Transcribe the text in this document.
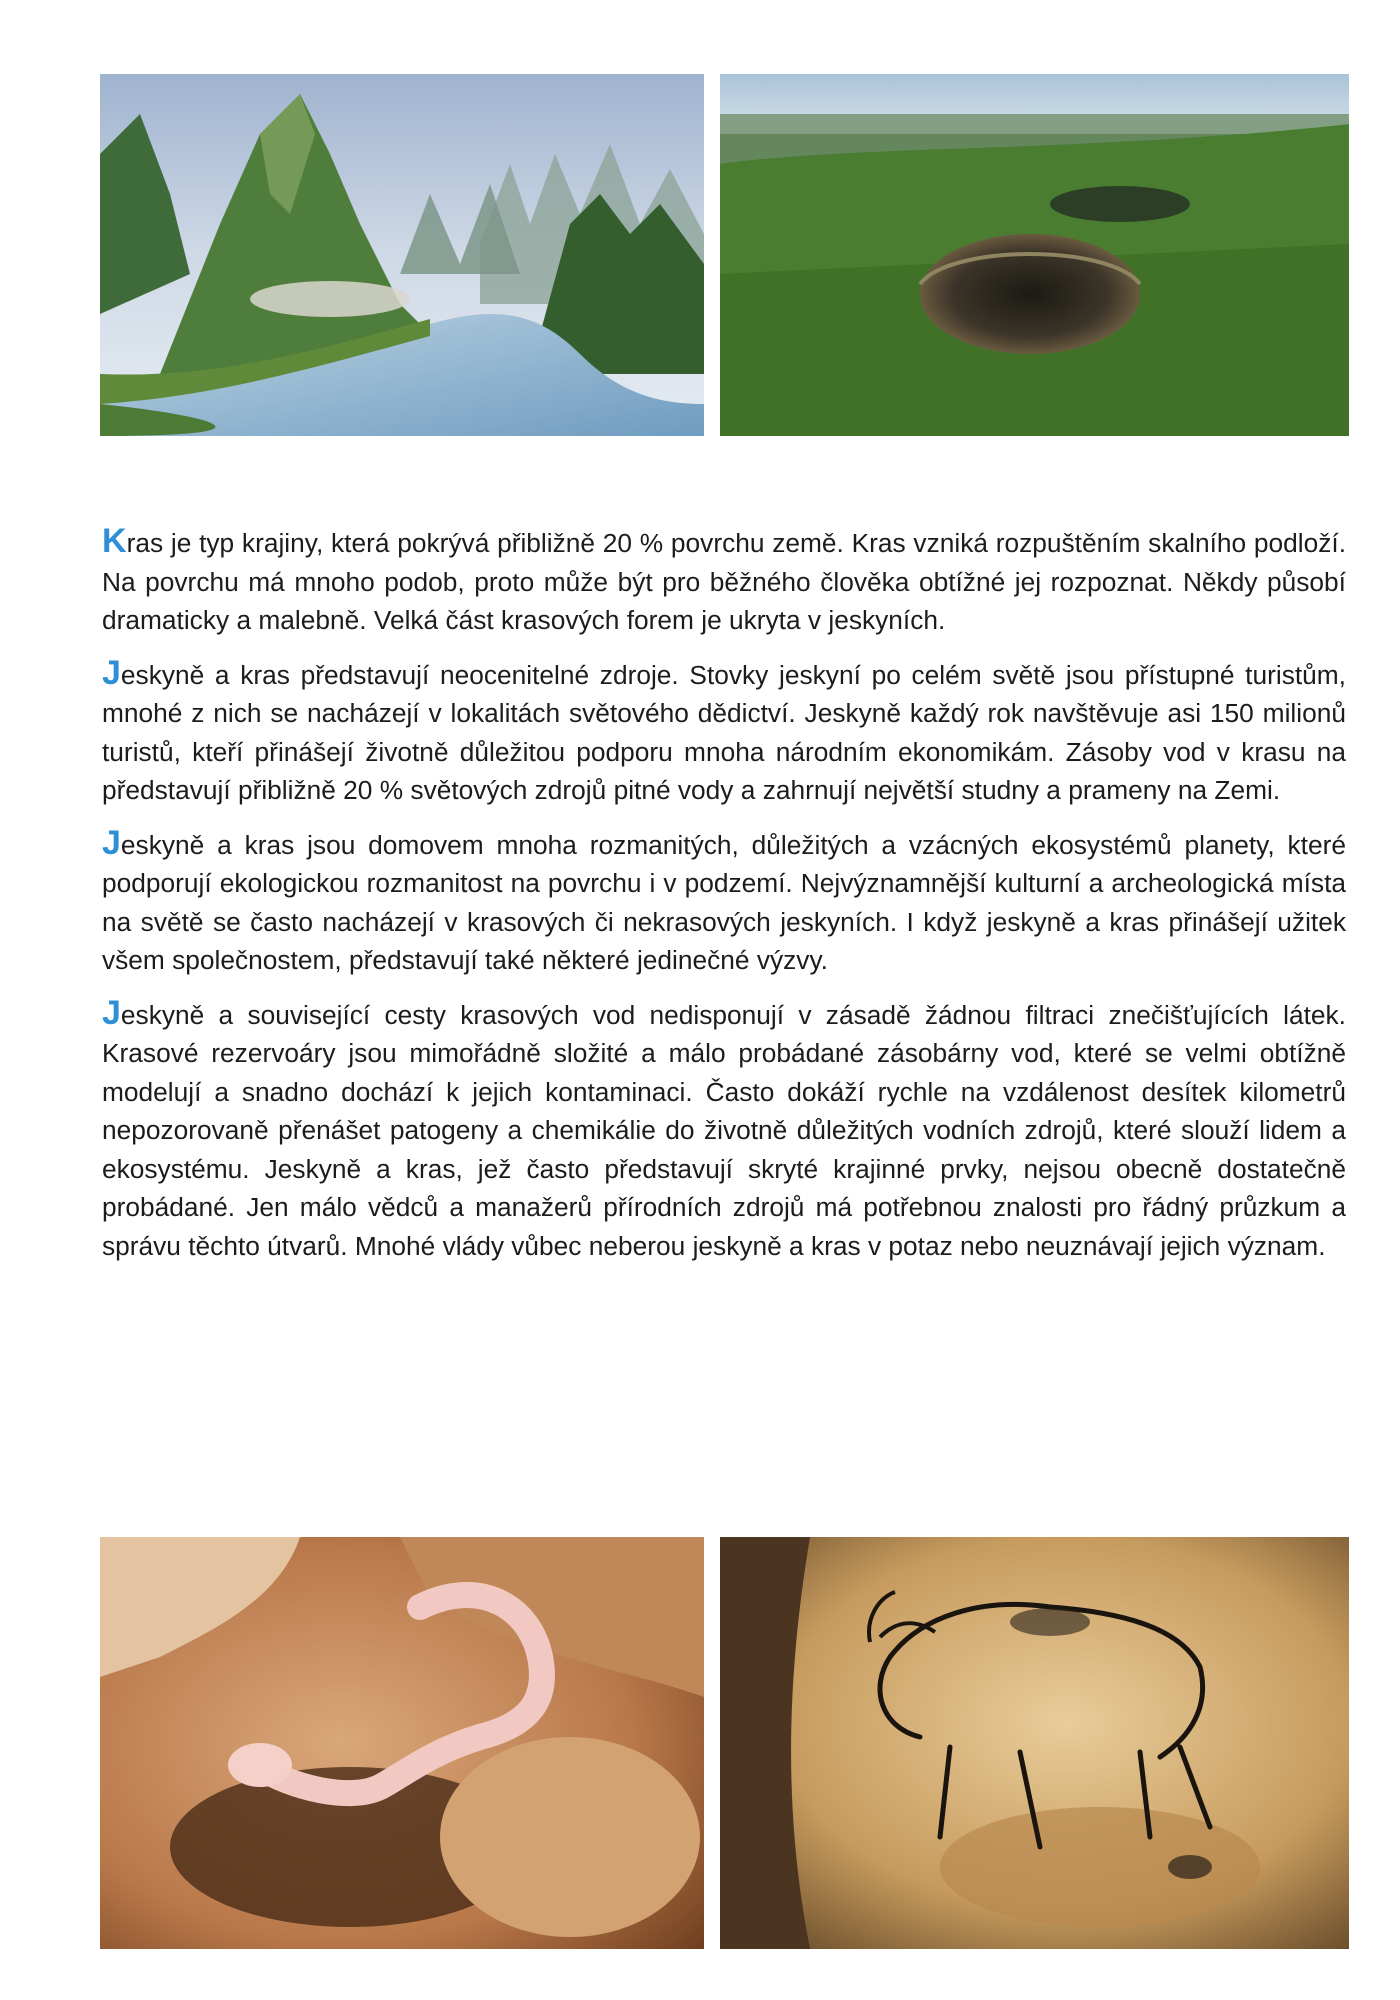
Kras je typ krajiny, která pokrývá přibližně 20 % povrchu země. Kras vzniká rozpuštěním skalního podloží. Na povrchu má mnoho podob, proto může být pro běžného člověka obtížné jej rozpoznat. Někdy působí dramaticky a malebně. Velká část krasových forem je ukryta v jeskyních.

Jeskyně a kras představují neocenitelné zdroje. Stovky jeskyní po celém světě jsou přístupné turistům, mnohé z nich se nacházejí v lokalitách světového dědictví. Jeskyně každý rok navštěvuje asi 150 milionů turistů, kteří přinášejí životně důležitou podporu mnoha národním ekonomikám. Zásoby vod v krasu na představují přibližně 20 % světových zdrojů pitné vody a zahrnují největší studny a prameny na Zemi.

Jeskyně a kras jsou domovem mnoha rozmanitých, důležitých a vzácných ekosystémů planety, které podporují ekologickou rozmanitost na povrchu i v podzemí. Nejvýznamnější kulturní a archeologická místa na světě se často nacházejí v krasových či nekrasových jeskyních. I když jeskyně a kras přinášejí užitek všem společnostem, představují také některé jedinečné výzvy.

Jeskyně a související cesty krasových vod nedisponují v zásadě žádnou filtraci znečišťujících látek. Krasové rezervoáry jsou mimořádně složité a málo probádané zásobárny vod, které se velmi obtížně modelují a snadno dochází k jejich kontaminaci. Často dokáží rychle na vzdálenost desítek kilometrů nepozorovaně přenášet patogeny a chemikálie do životně důležitých vodních zdrojů, které slouží lidem a ekosystému. Jeskyně a kras, jež často představují skryté krajinné prvky, nejsou obecně dostatečně probádané. Jen málo vědců a manažerů přírodních zdrojů má potřebnou znalosti pro řádný průzkum a správu těchto útvarů. Mnohé vlády vůbec neberou jeskyně a kras v potaz nebo neuznávají jejich význam.
